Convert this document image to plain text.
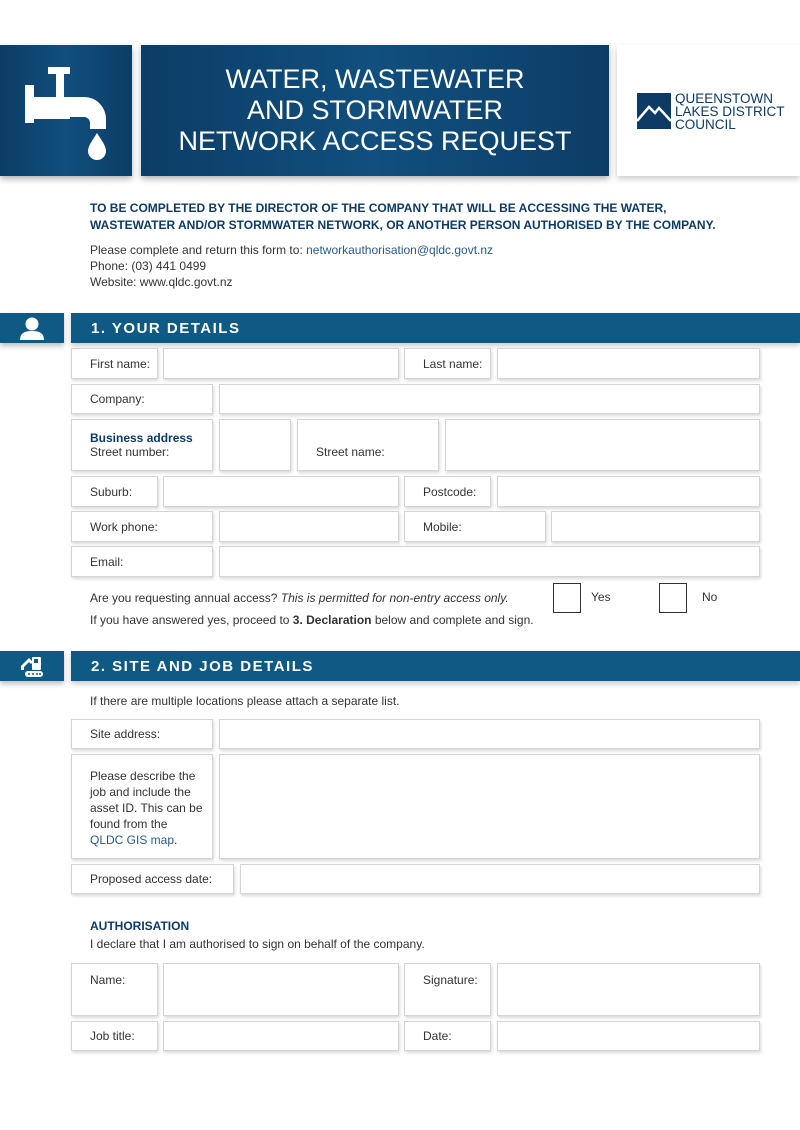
WATER, WASTEWATER
AND STORMWATER
NETWORK ACCESS REQUEST
QUEENSTOWN
LAKES DISTRICT
COUNCIL
TO BE COMPLETED BY THE DIRECTOR OF THE COMPANY THAT WILL BE ACCESSING THE WATER,
WASTEWATER AND/OR STORMWATER NETWORK, OR ANOTHER PERSON AUTHORISED BY THE COMPANY.
Please complete and return this form to: networkauthorisation@qldc.govt.nz
Phone: (03) 441 0499
Website: www.qldc.govt.nz
1. YOUR DETAILS
First name:	Last name:
Company:
Business address
Street number:	Street name:
Suburb:	Postcode:
Work phone:	Mobile:
Email:
Are you requesting annual access? This is permitted for non-entry access only.	Yes	No
If you have answered yes, proceed to 3. Declaration below and complete and sign.
2. SITE AND JOB DETAILS
If there are multiple locations please attach a separate list.
Site address:
Please describe the job and include the asset ID. This can be found from the QLDC GIS map.
Proposed access date:
AUTHORISATION
I declare that I am authorised to sign on behalf of the company.
Name:	Signature:
Job title:	Date:
